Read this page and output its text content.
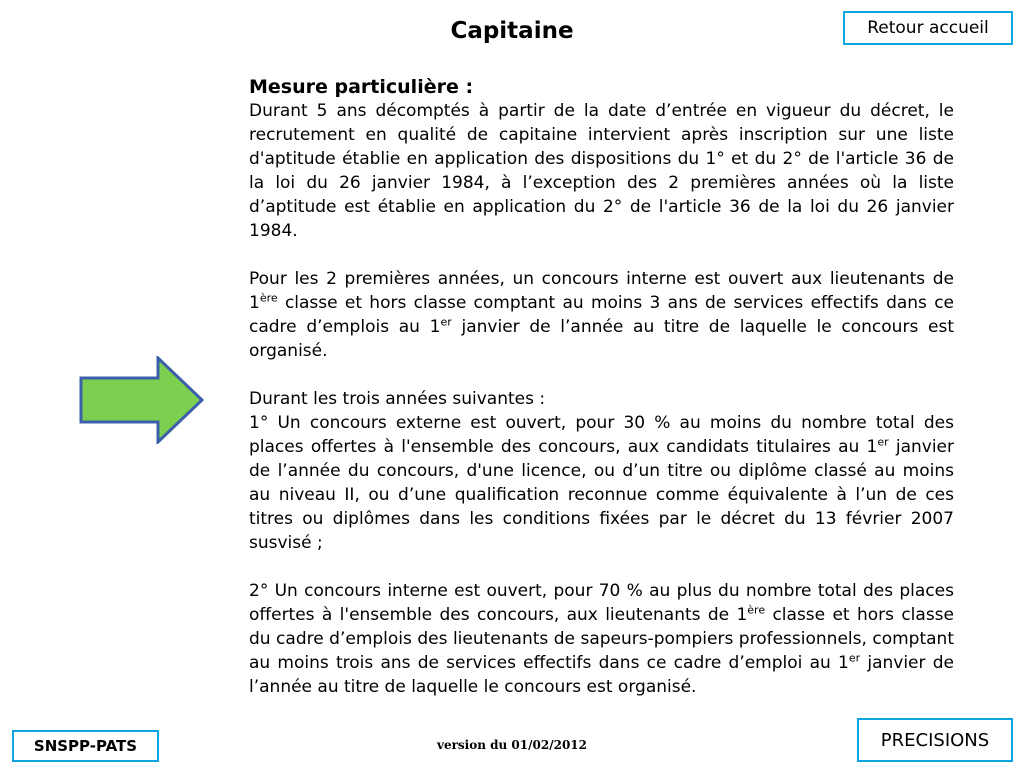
Capitaine	Retour accueil

Mesure particulière :

Durant 5 ans décomptés à partir de la date d’entrée en vigueur du décret, le recrutement en qualité de capitaine intervient après inscription sur une liste d'aptitude établie en application des dispositions du 1° et du 2° de l'article 36 de la loi du 26 janvier 1984, à l’exception des 2 premières années où la liste d’aptitude est établie en application du 2° de l'article 36 de la loi du 26 janvier 1984.

Pour les 2 premières années, un concours interne est ouvert aux lieutenants de 1ère classe et hors classe comptant au moins 3 ans de services effectifs dans ce cadre d’emplois au 1er janvier de l’année au titre de laquelle le concours est organisé.

Durant les trois années suivantes :

1° Un concours externe est ouvert, pour 30 % au moins du nombre total des places offertes à l'ensemble des concours, aux candidats titulaires au 1er janvier de l’année du concours, d'une licence, ou d’un titre ou diplôme classé au moins au niveau II, ou d’une qualification reconnue comme équivalente à l’un de ces titres ou diplômes dans les conditions fixées par le décret du 13 février 2007 susvisé ;

2° Un concours interne est ouvert, pour 70 % au plus du nombre total des places offertes à l'ensemble des concours, aux lieutenants de 1ère classe et hors classe du cadre d’emplois des lieutenants de sapeurs-pompiers professionnels, comptant au moins trois ans de services effectifs dans ce cadre d’emploi au 1er janvier de l’année au titre de laquelle le concours est organisé.

SNSPP-PATS	version du 01/02/2012	PRECISIONS
